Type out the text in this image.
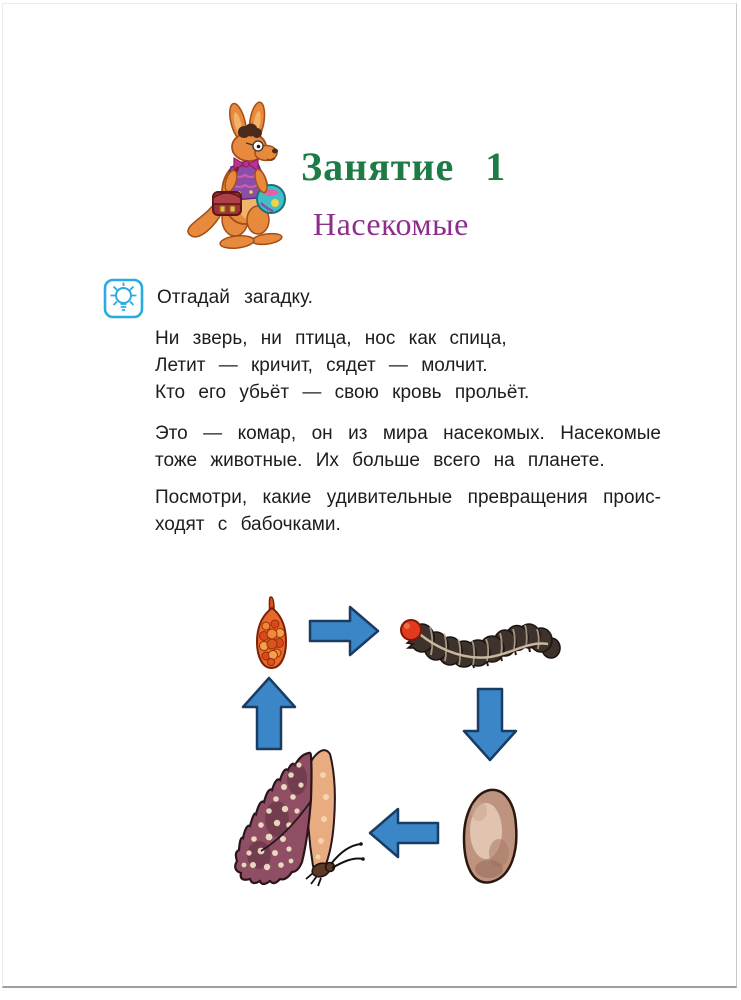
Занятие 1
Насекомые
Отгадай загадку.
Ни зверь, ни птица, нос как спица,
Летит — кричит, сядет — молчит.
Кто его убьёт — свою кровь прольёт.
Это — комар, он из мира насекомых. Насекомые
тоже животные. Их больше всего на планете.
Посмотри, какие удивительные превращения проис-
ходят с бабочками.
